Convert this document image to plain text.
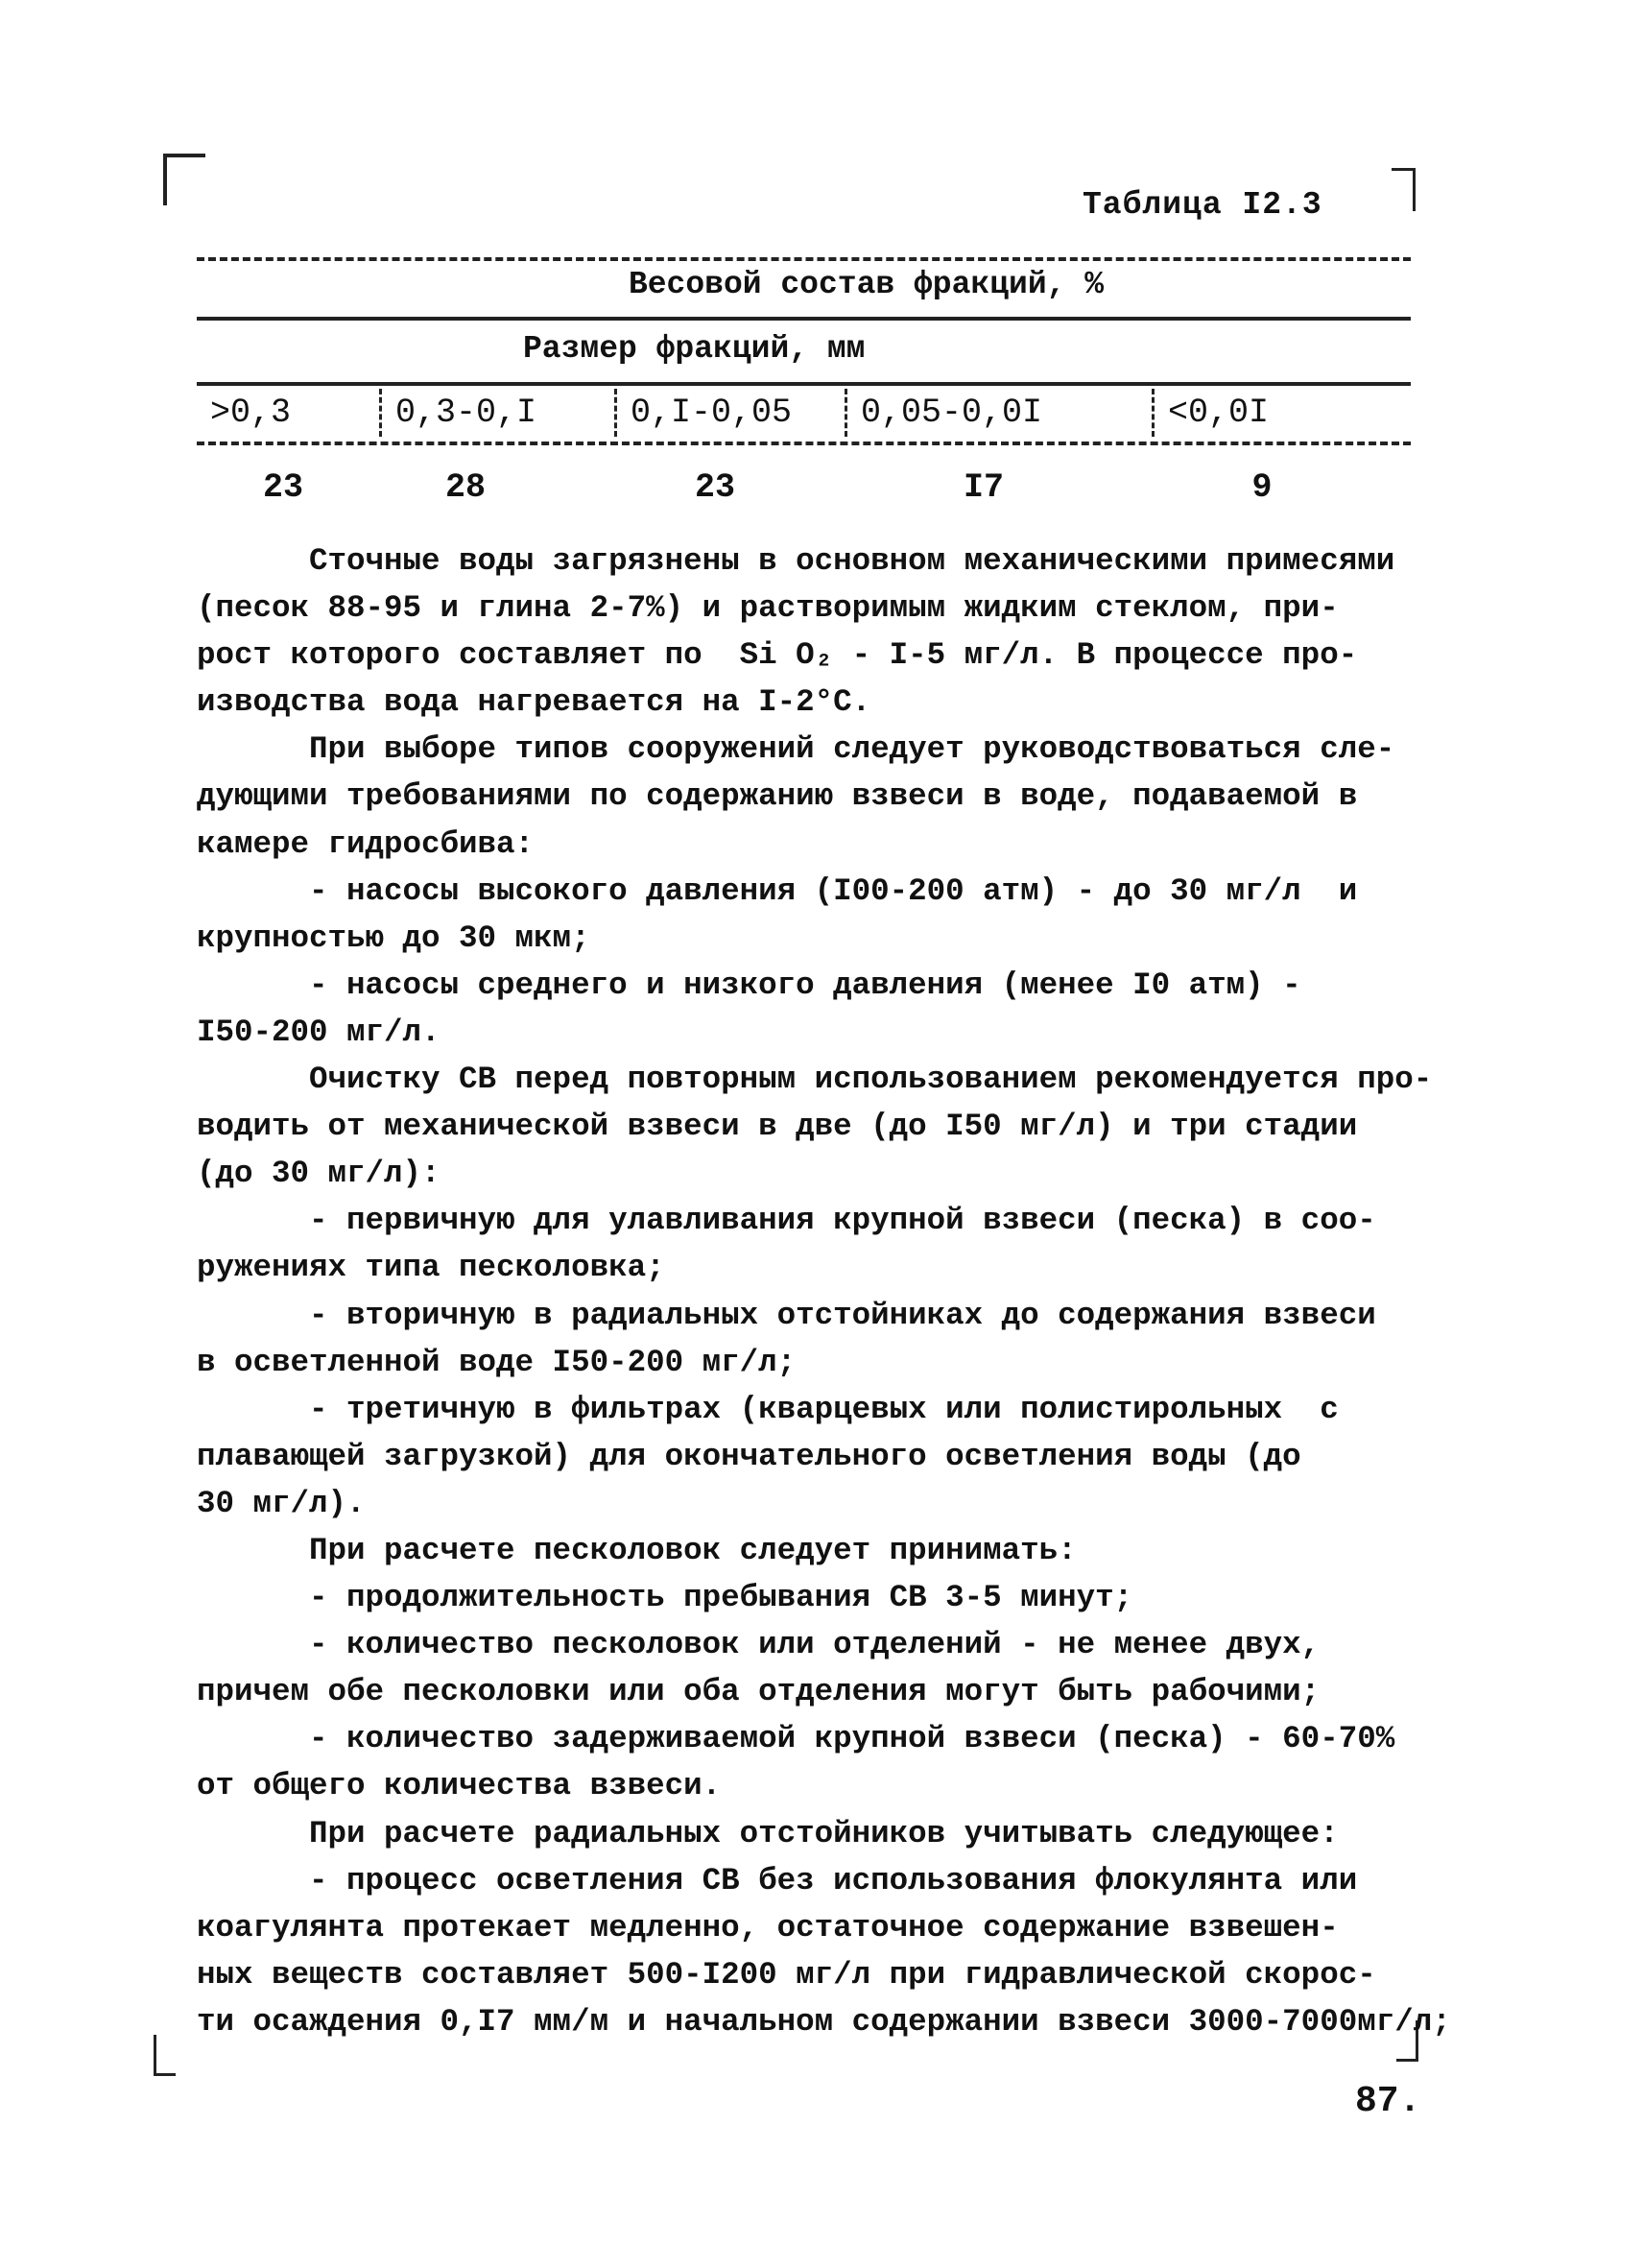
Таблица I2.3
Весовой состав фракций, %
Размер фракций, мм
>0,3	0,3-0,I	0,I-0,05	0,05-0,0I	<0,0I
23	28	23	I7	9

Сточные воды загрязнены в основном механическими примесями

(песок 88-95 и глина 2-7%) и растворимым жидким стеклом, при-

рост которого составляет по  Si O₂ - I-5 мг/л. В процессе про-

изводства вода нагревается на I-2°С.

При выборе типов сооружений следует руководствоваться сле-

дующими требованиями по содержанию взвеси в воде, подаваемой в

камере гидросбива:

- насосы высокого давления (I00-200 атм) - до 30 мг/л  и

крупностью до 30 мкм;

- насосы среднего и низкого давления (менее I0 атм) -

I50-200 мг/л.

Очистку СВ перед повторным использованием рекомендуется про-

водить от механической взвеси в две (до I50 мг/л) и три стадии

(до 30 мг/л):

- первичную для улавливания крупной взвеси (песка) в соо-

ружениях типа песколовка;

- вторичную в радиальных отстойниках до содержания взвеси

в осветленной воде I50-200 мг/л;

- третичную в фильтрах (кварцевых или полистирольных  с

плавающей загрузкой) для окончательного осветления воды (до

30 мг/л).

При расчете песколовок следует принимать:

- продолжительность пребывания СВ 3-5 минут;

- количество песколовок или отделений - не менее двух,

причем обе песколовки или оба отделения могут быть рабочими;

- количество задерживаемой крупной взвеси (песка) - 60-70%

от общего количества взвеси.

При расчете радиальных отстойников учитывать следующее:

- процесс осветления СВ без использования флокулянта или

коагулянта протекает медленно, остаточное содержание взвешен-

ных веществ составляет 500-I200 мг/л при гидравлической скорос-

ти осаждения 0,I7 мм/м и начальном содержании взвеси 3000-7000мг/л;

87.
